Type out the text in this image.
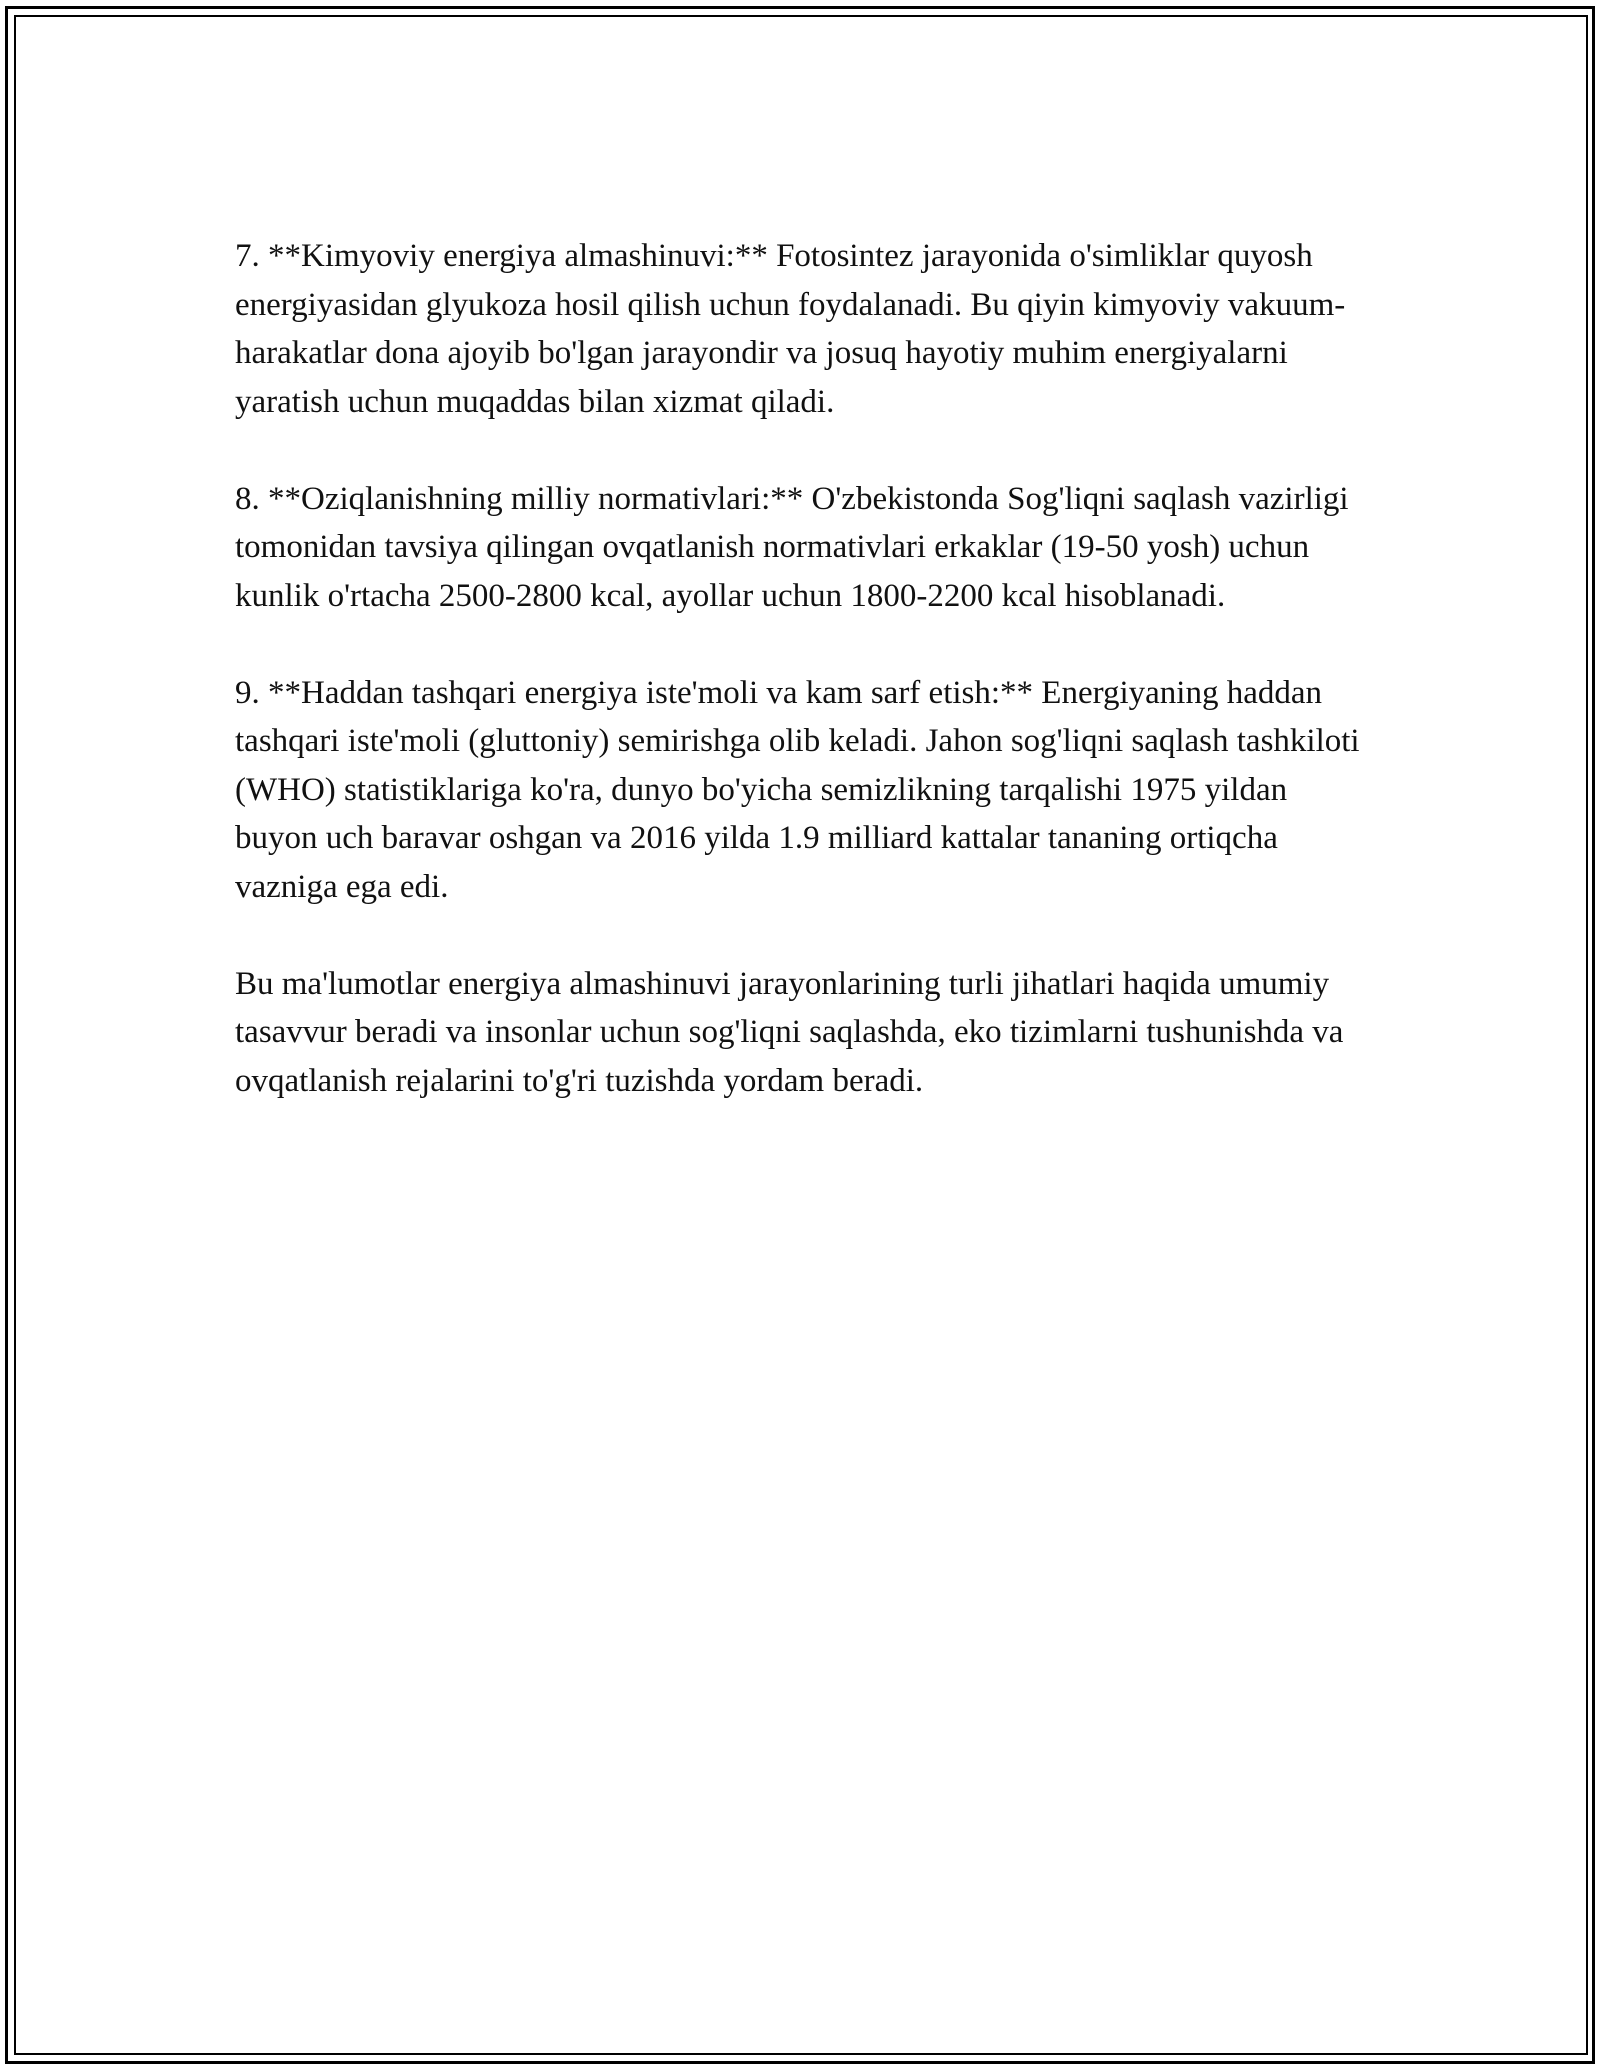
7. **Kimyoviy energiya almashinuvi:** Fotosintez jarayonida o'simliklar quyosh energiyasidan glyukoza hosil qilish uchun foydalanadi. Bu qiyin kimyoviy vakuum-harakatlar dona ajoyib bo'lgan jarayondir va josuq hayotiy muhim energiyalarni yaratish uchun muqaddas bilan xizmat qiladi.

8. **Oziqlanishning milliy normativlari:** O'zbekistonda Sog'liqni saqlash vazirligi tomonidan tavsiya qilingan ovqatlanish normativlari erkaklar (19-50 yosh) uchun kunlik o'rtacha 2500-2800 kcal, ayollar uchun 1800-2200 kcal hisoblanadi.

9. **Haddan tashqari energiya iste'moli va kam sarf etish:** Energiyaning haddan tashqari iste'moli (gluttoniy) semirishga olib keladi. Jahon sog'liqni saqlash tashkiloti (WHO) statistiklariga ko'ra, dunyo bo'yicha semizlikning tarqalishi 1975 yildan buyon uch baravar oshgan va 2016 yilda 1.9 milliard kattalar tananing ortiqcha vazniga ega edi.

Bu ma'lumotlar energiya almashinuvi jarayonlarining turli jihatlari haqida umumiy tasavvur beradi va insonlar uchun sog'liqni saqlashda, eko tizimlarni tushunishda va ovqatlanish rejalarini to'g'ri tuzishda yordam beradi.
